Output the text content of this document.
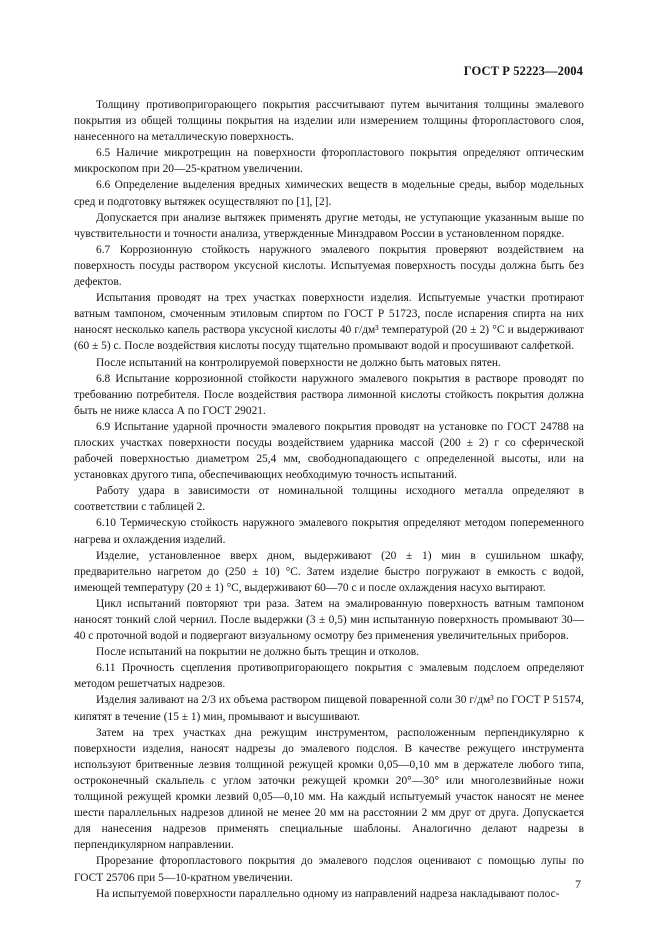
ГОСТ Р 52223—2004

Толщину противопригорающего покрытия рассчитывают путем вычитания толщины эмалевого покрытия из общей толщины покрытия на изделии или измерением толщины фторопластового слоя, нанесенного на металлическую поверхность.

6.5 Наличие микротрещин на поверхности фторопластового покрытия определяют оптическим микроскопом при 20—25-кратном увеличении.

6.6 Определение выделения вредных химических веществ в модельные среды, выбор модельных сред и подготовку вытяжек осуществляют по [1], [2].

Допускается при анализе вытяжек применять другие методы, не уступающие указанным выше по чувствительности и точности анализа, утвержденные Минздравом России в установленном порядке.

6.7 Коррозионную стойкость наружного эмалевого покрытия проверяют воздействием на поверхность посуды раствором уксусной кислоты. Испытуемая поверхность посуды должна быть без дефектов.

Испытания проводят на трех участках поверхности изделия. Испытуемые участки протирают ватным тампоном, смоченным этиловым спиртом по ГОСТ Р 51723, после испарения спирта на них наносят несколько капель раствора уксусной кислоты 40 г/дм³ температурой (20 ± 2) °С и выдерживают (60 ± 5) с. После воздействия кислоты посуду тщательно промывают водой и просушивают салфеткой.

После испытаний на контролируемой поверхности не должно быть матовых пятен.

6.8 Испытание коррозионной стойкости наружного эмалевого покрытия в растворе проводят по требованию потребителя. После воздействия раствора лимонной кислоты стойкость покрытия должна быть не ниже класса А по ГОСТ 29021.

6.9 Испытание ударной прочности эмалевого покрытия проводят на установке по ГОСТ 24788 на плоских участках поверхности посуды воздействием ударника массой (200 ± 2) г со сферической рабочей поверхностью диаметром 25,4 мм, свободнопадающего с определенной высоты, или на установках другого типа, обеспечивающих необходимую точность испытаний.

Работу удара в зависимости от номинальной толщины исходного металла определяют в соответствии с таблицей 2.

6.10 Термическую стойкость наружного эмалевого покрытия определяют методом попеременного нагрева и охлаждения изделий.

Изделие, установленное вверх дном, выдерживают (20 ± 1) мин в сушильном шкафу, предварительно нагретом до (250 ± 10) °С. Затем изделие быстро погружают в емкость с водой, имеющей температуру (20 ± 1) °С, выдерживают 60—70 с и после охлаждения насухо вытирают.

Цикл испытаний повторяют три раза. Затем на эмалированную поверхность ватным тампоном наносят тонкий слой чернил. После выдержки (3 ± 0,5) мин испытанную поверхность промывают 30—40 с проточной водой и подвергают визуальному осмотру без применения увеличительных приборов.

После испытаний на покрытии не должно быть трещин и отколов.

6.11 Прочность сцепления противопригорающего покрытия с эмалевым подслоем определяют методом решетчатых надрезов.

Изделия заливают на 2/3 их объема раствором пищевой поваренной соли 30 г/дм³ по ГОСТ Р 51574, кипятят в течение (15 ± 1) мин, промывают и высушивают.

Затем на трех участках дна режущим инструментом, расположенным перпендикулярно к поверхности изделия, наносят надрезы до эмалевого подслоя. В качестве режущего инструмента используют бритвенные лезвия толщиной режущей кромки 0,05—0,10 мм в держателе любого типа, остроконечный скальпель с углом заточки режущей кромки 20°—30° или многолезвийные ножи толщиной режущей кромки лезвий 0,05—0,10 мм. На каждый испытуемый участок наносят не менее шести параллельных надрезов длиной не менее 20 мм на расстоянии 2 мм друг от друга. Допускается для нанесения надрезов применять специальные шаблоны. Аналогично делают надрезы в перпендикулярном направлении.

Прорезание фторопластового покрытия до эмалевого подслоя оценивают с помощью лупы по ГОСТ 25706 при 5—10-кратном увеличении.

На испытуемой поверхности параллельно одному из направлений надреза накладывают полос-

7
